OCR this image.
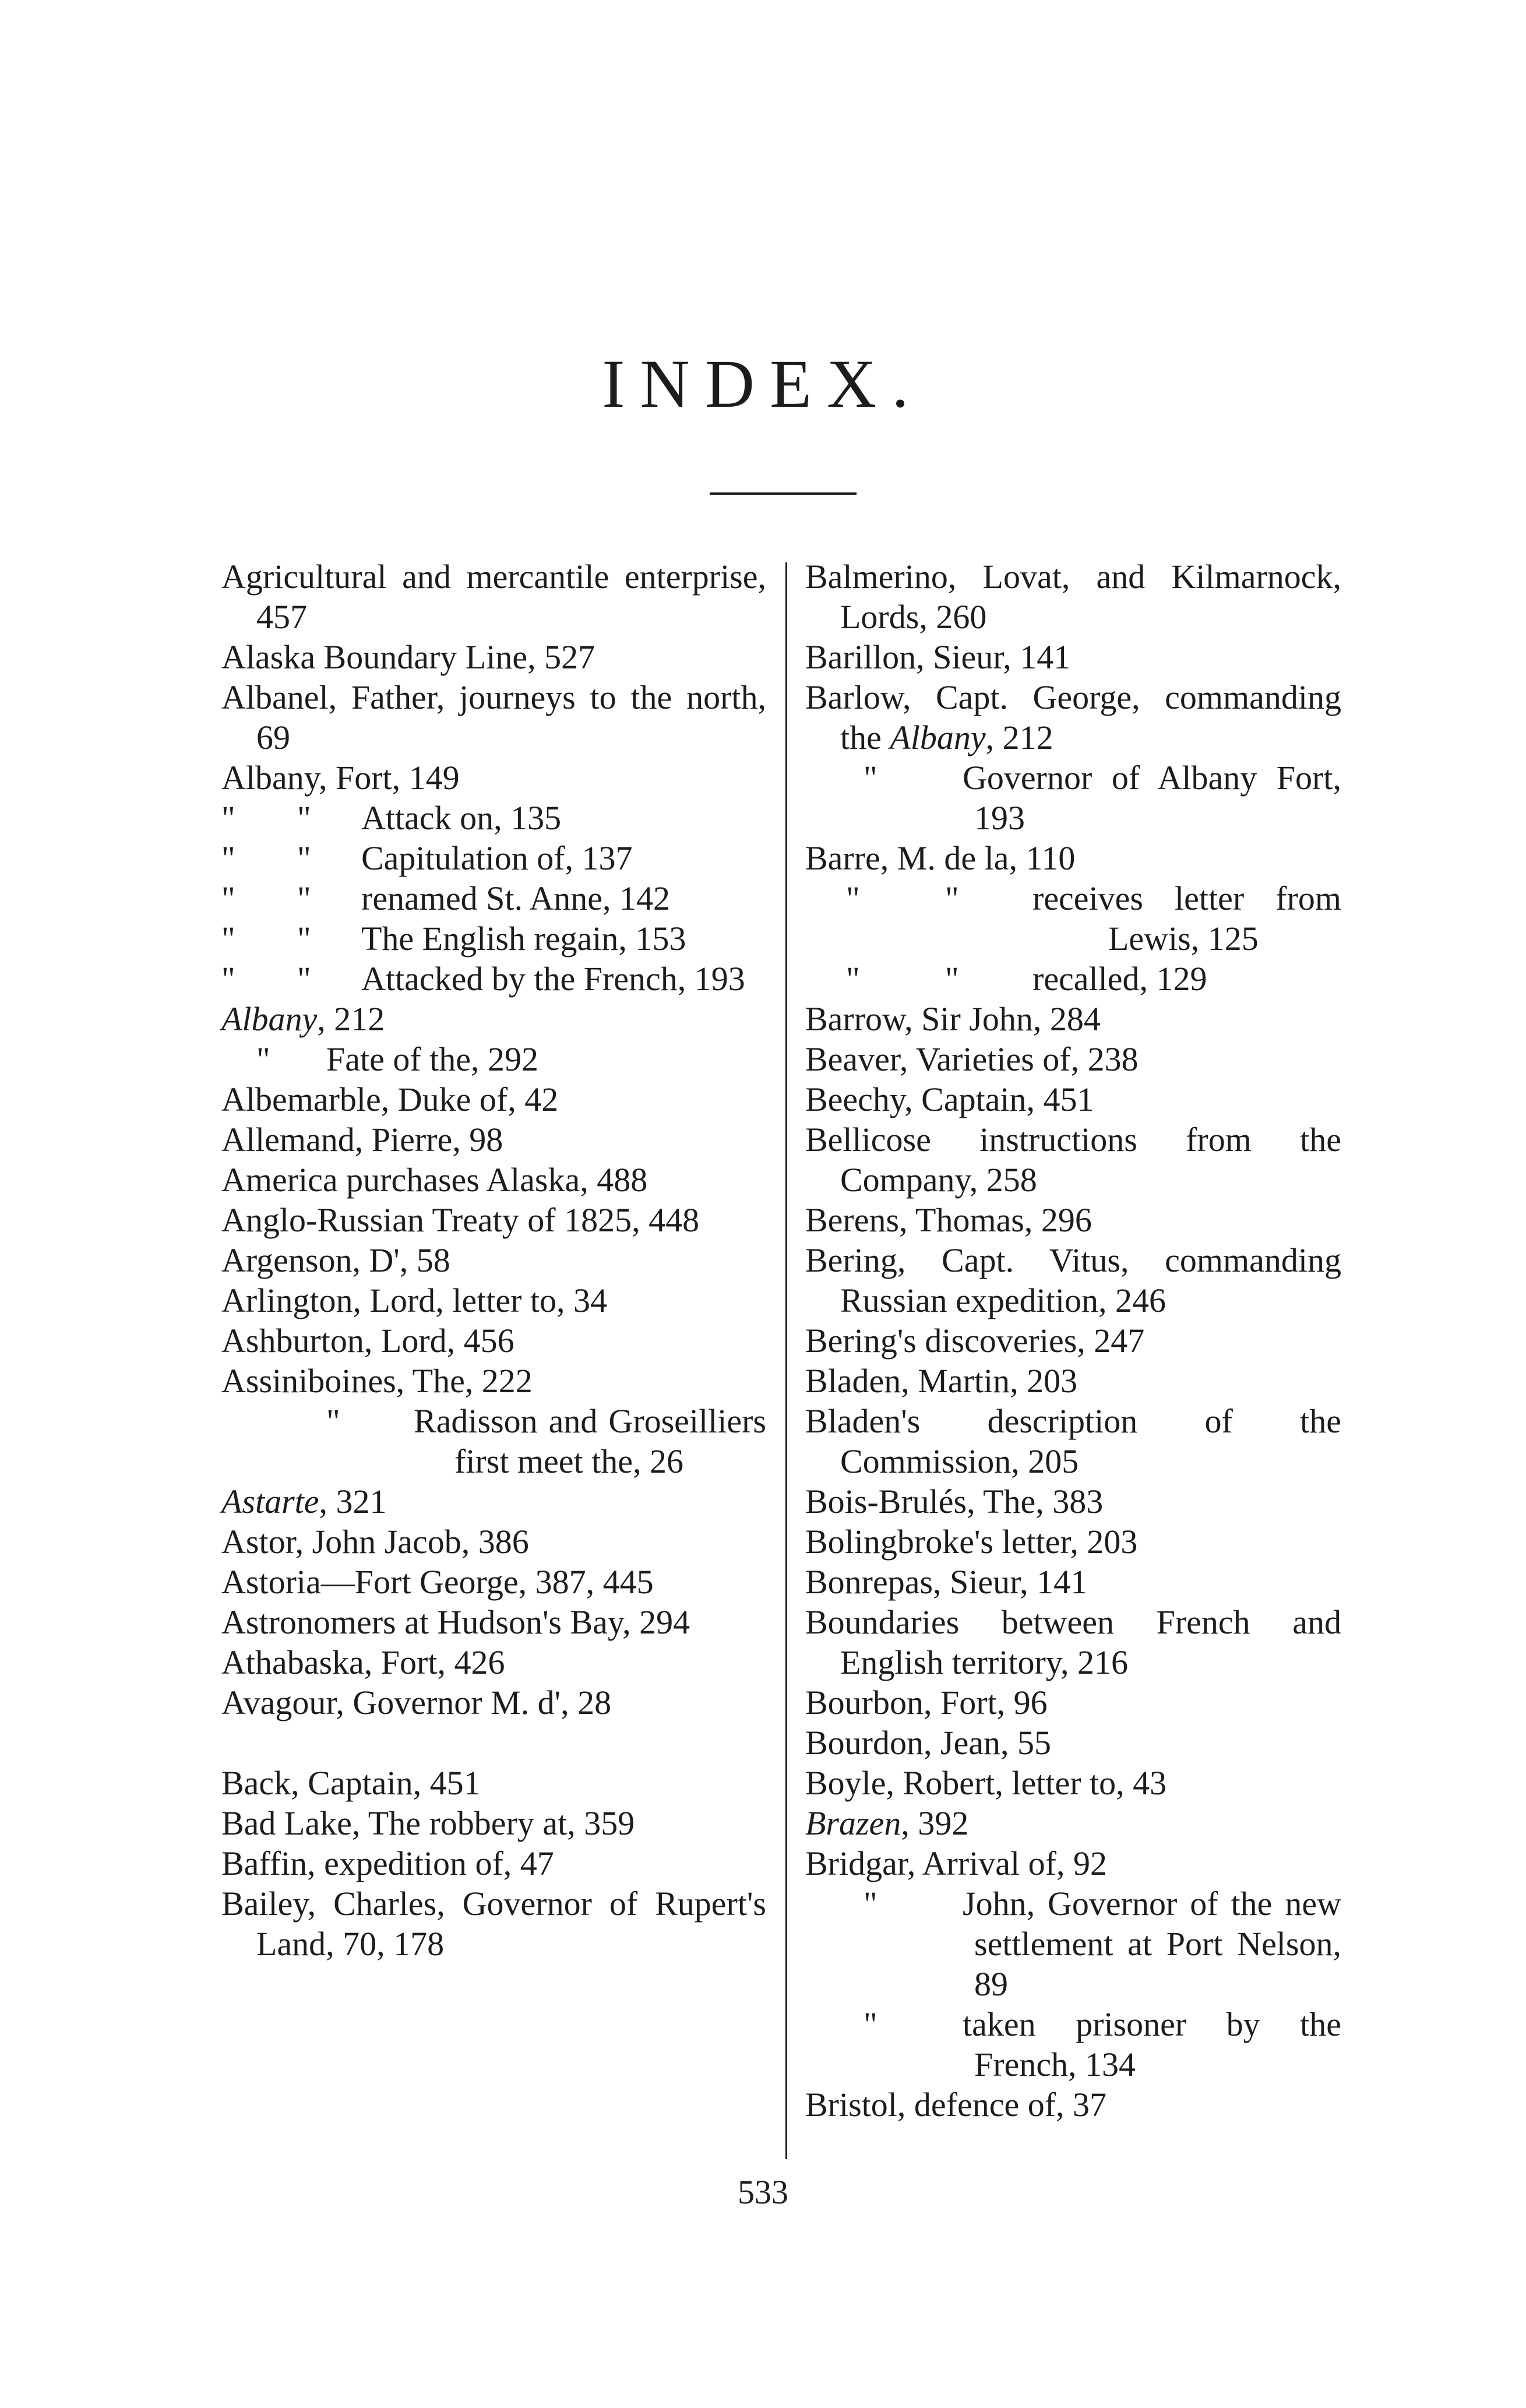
INDEX.

Agricultural and mercantile enterprise, 457

Alaska Boundary Line, 527

Albanel, Father, journeys to the north, 69

Albany, Fort, 149

" " Attack on, 135

" " Capitulation of, 137

" " renamed St. Anne, 142

" " The English regain, 153

" " Attacked by the French, 193

Albany, 212

" Fate of the, 292

Albemarble, Duke of, 42

Allemand, Pierre, 98

America purchases Alaska, 488

Anglo-Russian Treaty of 1825, 448

Argenson, D', 58

Arlington, Lord, letter to, 34

Ashburton, Lord, 456

Assiniboines, The, 222

" Radisson and Groseilliers first meet the, 26

Astarte, 321

Astor, John Jacob, 386

Astoria—Fort George, 387, 445

Astronomers at Hudson's Bay, 294

Athabaska, Fort, 426

Avagour, Governor M. d', 28

Back, Captain, 451

Bad Lake, The robbery at, 359

Baffin, expedition of, 47

Bailey, Charles, Governor of Rupert's Land, 70, 178

Balmerino, Lovat, and Kilmarnock, Lords, 260

Barillon, Sieur, 141

Barlow, Capt. George, commanding the Albany, 212

"	Governor of Albany Fort, 193

Barre, M. de la, 110

"	" receives letter from Lewis, 125

"	" recalled, 129

Barrow, Sir John, 284

Beaver, Varieties of, 238

Beechy, Captain, 451

Bellicose instructions from the Company, 258

Berens, Thomas, 296

Bering, Capt. Vitus, commanding Russian expedition, 246

Bering's discoveries, 247

Bladen, Martin, 203

Bladen's description of the Commission, 205

Bois-Brulés, The, 383

Bolingbroke's letter, 203

Bonrepas, Sieur, 141

Boundaries between French and English territory, 216

Bourbon, Fort, 96

Bourdon, Jean, 55

Boyle, Robert, letter to, 43

Brazen, 392

Bridgar, Arrival of, 92

"	John, Governor of the new settlement at Port Nelson, 89

"	taken prisoner by the French, 134

Bristol, defence of, 37

533
